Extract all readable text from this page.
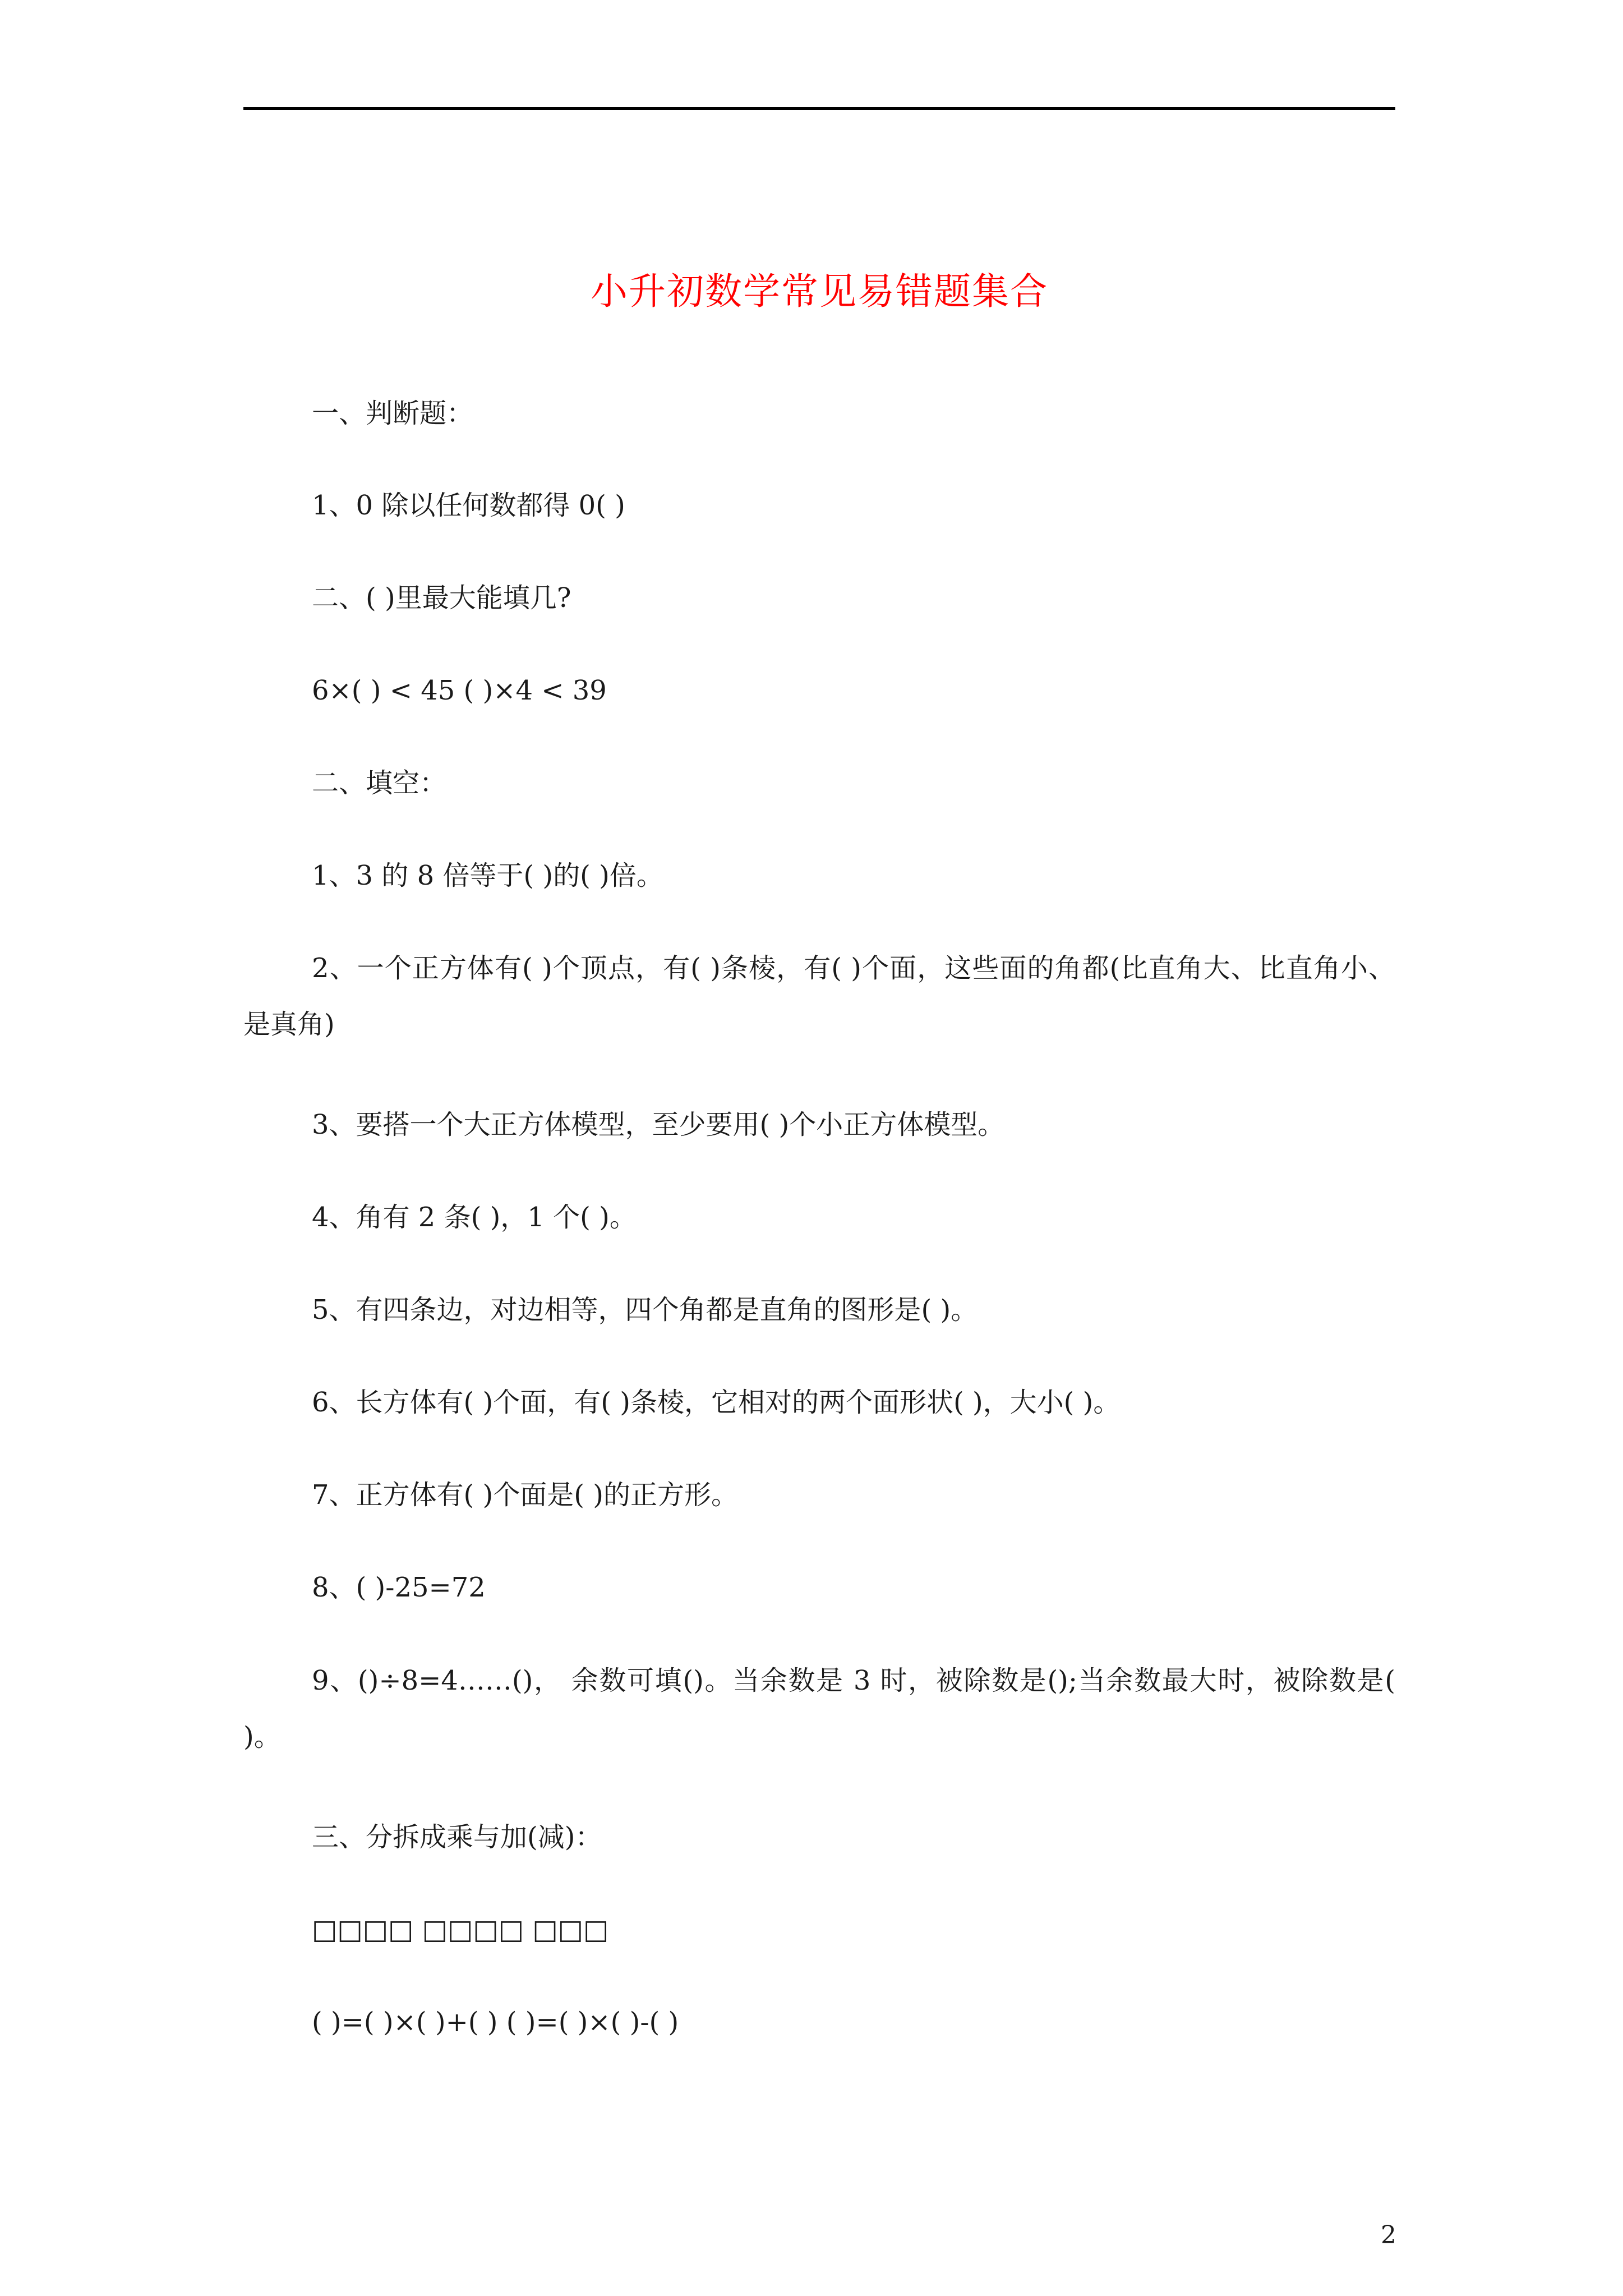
小升初数学常见易错题集合
一、判断题：
1、0 除以任何数都得 0( )
二、( )里最大能填几?
6×( ) < 45 ( )×4 < 39
二、填空：
1、3 的 8 倍等于( )的( )倍。
2、一个正方体有( )个顶点，有( )条棱，有( )个面，这些面的角都(比直角大、比直角小、是真角)
3、要搭一个大正方体模型，至少要用( )个小正方体模型。
4、角有 2 条( )，1 个( )。
5、有四条边，对边相等，四个角都是直角的图形是( )。
6、长方体有( )个面，有( )条棱，它相对的两个面形状( )，大小( )。
7、正方体有( )个面是( )的正方形。
8、( )-25=72
9、()÷8=4……()， 余数可填()。当余数是 3 时，被除数是();当余数最大时，被除数是( )。
三、分拆成乘与加(减)：
□□□□ □□□□ □□□
( )=( )×( )+( ) ( )=( )×( )-( )
2
